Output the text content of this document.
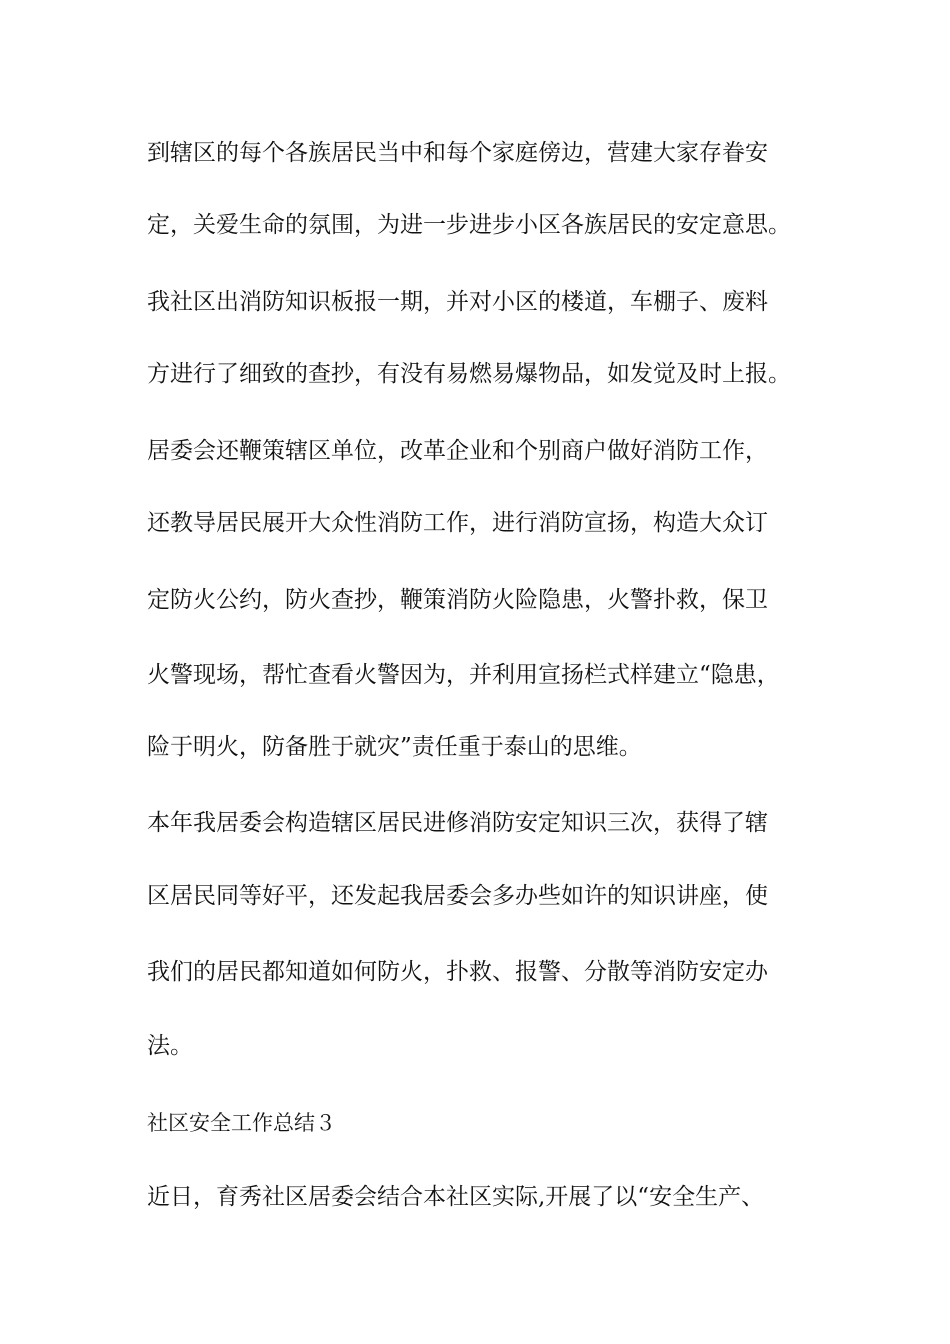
到辖区的每个各族居民当中和每个家庭傍边，营建大家存眷安
定，关爱生命的氛围，为进一步进步小区各族居民的安定意思。
我社区出消防知识板报一期，并对小区的楼道，车棚子、废料
方进行了细致的查抄，有没有易燃易爆物品，如发觉及时上报。
居委会还鞭策辖区单位，改革企业和个别商户做好消防工作，
还教导居民展开大众性消防工作，进行消防宣扬，构造大众订
定防火公约，防火查抄，鞭策消防火险隐患，火警扑救，保卫
火警现场，帮忙查看火警因为，并利用宣扬栏式样建立“隐患，
险于明火，防备胜于就灾”责任重于泰山的思维。
本年我居委会构造辖区居民进修消防安定知识三次，获得了辖
区居民同等好平，还发起我居委会多办些如许的知识讲座，使
我们的居民都知道如何防火，扑救、报警、分散等消防安定办
法。
社区安全工作总结３
近日，育秀社区居委会结合本社区实际,开展了以“安全生产、
